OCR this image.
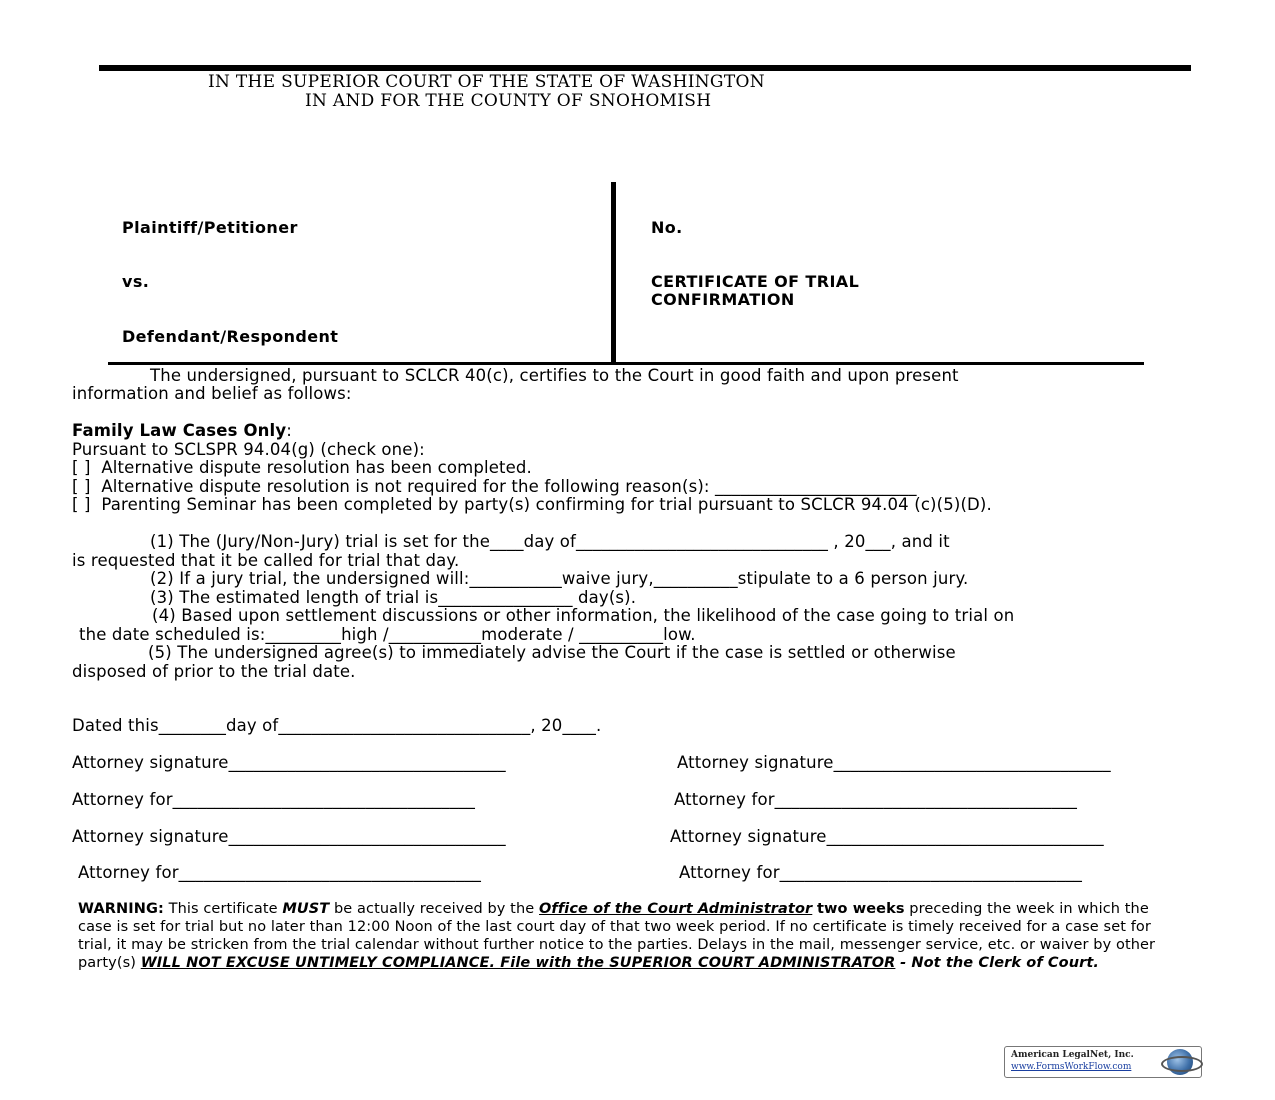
IN THE SUPERIOR COURT OF THE STATE OF WASHINGTON
IN AND FOR THE COUNTY OF SNOHOMISH
Plaintiff/Petitioner
vs.
Defendant/Respondent
No.
CERTIFICATE OF TRIAL
CONFIRMATION
The undersigned, pursuant to SCLCR 40(c), certifies to the Court in good faith and upon present
information and belief as follows:
Family Law Cases Only:
Pursuant to SCLSPR 94.04(g) (check one):
[ ] Alternative dispute resolution has been completed.
[ ] Alternative dispute resolution is not required for the following reason(s): ________________________
[ ] Parenting Seminar has been completed by party(s) confirming for trial pursuant to SCLCR 94.04 (c)(5)(D).
(1) The (Jury/Non-Jury) trial is set for the____day of______________________________ , 20___, and it
is requested that it be called for trial that day.
(2) If a jury trial, the undersigned will:___________waive jury,__________stipulate to a 6 person jury.
(3) The estimated length of trial is________________ day(s).
(4) Based upon settlement discussions or other information, the likelihood of the case going to trial on
the date scheduled is:_________high /___________moderate / __________low.
(5) The undersigned agree(s) to immediately advise the Court if the case is settled or otherwise
disposed of prior to the trial date.
Dated this________day of______________________________, 20____.
Attorney signature_________________________________	Attorney signature_________________________________
Attorney for____________________________________	Attorney for____________________________________
Attorney signature_________________________________	Attorney signature_________________________________
Attorney for____________________________________	Attorney for____________________________________
WARNING: This certificate MUST be actually received by the Office of the Court Administrator two weeks preceding the week in which the case is set for trial but no later than 12:00 Noon of the last court day of that two week period. If no certificate is timely received for a case set for trial, it may be stricken from the trial calendar without further notice to the parties. Delays in the mail, messenger service, etc. or waiver by other party(s) WILL NOT EXCUSE UNTIMELY COMPLIANCE. File with the SUPERIOR COURT ADMINISTRATOR - Not the Clerk of Court.
American LegalNet, Inc.
www.FormsWorkFlow.com
